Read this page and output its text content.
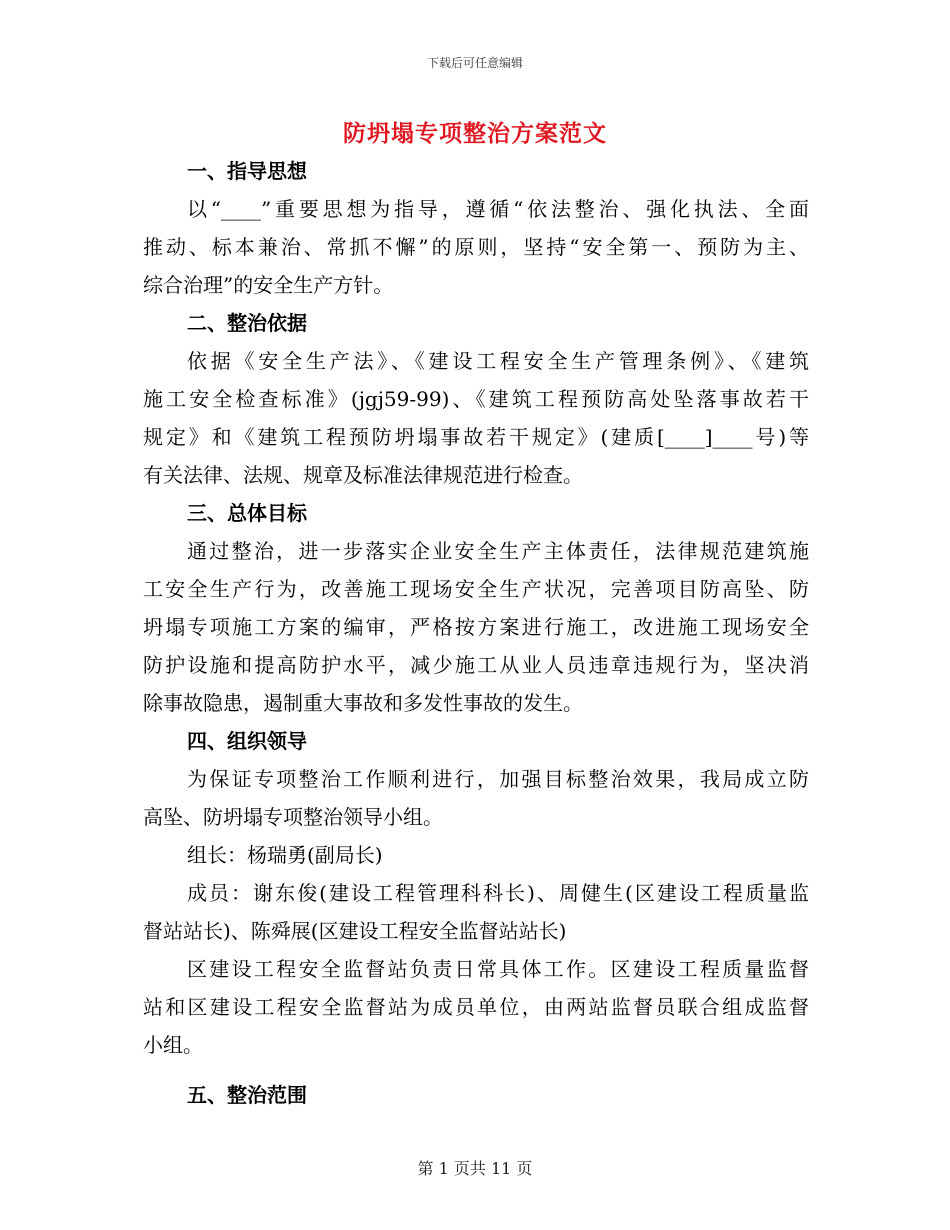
下载后可任意编辑
防坍塌专项整治方案范文
一、指导思想
以“____”重要思想为指导，遵循“依法整治、强化执法、全面
推动、标本兼治、常抓不懈”的原则，坚持“安全第一、预防为主、
综合治理”的安全生产方针。
二、整治依据
依据《安全生产法》、《建设工程安全生产管理条例》、《建筑
施工安全检查标准》(jgj59-99)、《建筑工程预防高处坠落事故若干
规定》和《建筑工程预防坍塌事故若干规定》(建质[____]____号)等
有关法律、法规、规章及标准法律规范进行检查。
三、总体目标
通过整治，进一步落实企业安全生产主体责任，法律规范建筑施
工安全生产行为，改善施工现场安全生产状况，完善项目防高坠、防
坍塌专项施工方案的编审，严格按方案进行施工，改进施工现场安全
防护设施和提高防护水平，减少施工从业人员违章违规行为，坚决消
除事故隐患，遏制重大事故和多发性事故的发生。
四、组织领导
为保证专项整治工作顺利进行，加强目标整治效果，我局成立防
高坠、防坍塌专项整治领导小组。
组长：杨瑞勇(副局长)
成员：谢东俊(建设工程管理科科长)、周健生(区建设工程质量监
督站站长)、陈舜展(区建设工程安全监督站站长)
区建设工程安全监督站负责日常具体工作。区建设工程质量监督
站和区建设工程安全监督站为成员单位，由两站监督员联合组成监督
小组。
五、整治范围
第 1 页共 11 页
